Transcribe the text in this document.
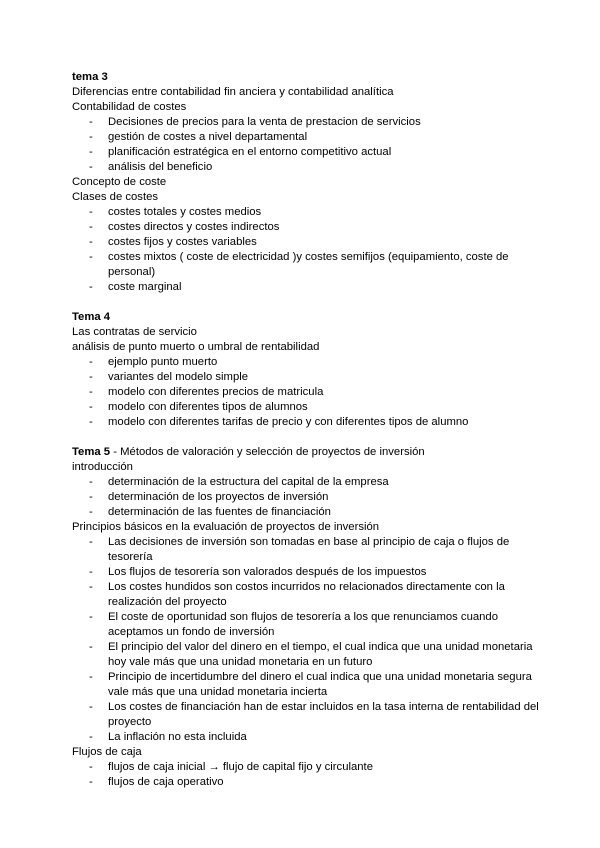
tema 3

Diferencias entre contabilidad fin anciera y contabilidad analítica

Contabilidad de costes

- Decisiones de precios para la venta de prestacion de servicios
- gestión de costes a nivel departamental
- planificación estratégica en el entorno competitivo actual
- análisis del beneficio

Concepto de coste

Clases de costes

- costes totales y costes medios
- costes directos y costes indirectos
- costes fijos y costes variables
- costes mixtos ( coste de electricidad )y costes semifijos (equipamiento, coste de personal)
- coste marginal

Tema 4

Las contratas de servicio

análisis de punto muerto o umbral de rentabilidad

- ejemplo punto muerto
- variantes del modelo simple
- modelo con diferentes precios de matricula
- modelo con diferentes tipos de alumnos
- modelo con diferentes tarifas de precio y con diferentes tipos de alumno

Tema 5 - Métodos de valoración y selección de proyectos de inversión

introducción

- determinación de la estructura del capital de la empresa
- determinación de los proyectos de inversión
- determinación de las fuentes de financiación

Principios básicos en la evaluación de proyectos de inversión

- Las decisiones de inversión son tomadas en base al principio de caja o flujos de tesorería
- Los flujos de tesorería son valorados después de los impuestos
- Los costes hundidos son costos incurridos no relacionados directamente con la realización del proyecto
- El coste de oportunidad son flujos de tesorería a los que renunciamos cuando aceptamos un fondo de inversión
- El principio del valor del dinero en el tiempo, el cual indica que una unidad monetaria hoy vale más que una unidad monetaria en un futuro
- Principio de incertidumbre del dinero el cual indica que una unidad monetaria segura vale más que una unidad monetaria incierta
- Los costes de financiación han de estar incluidos en la tasa interna de rentabilidad del proyecto
- La inflación no esta incluida

Flujos de caja

- flujos de caja inicial → flujo de capital fijo y circulante
- flujos de caja operativo
